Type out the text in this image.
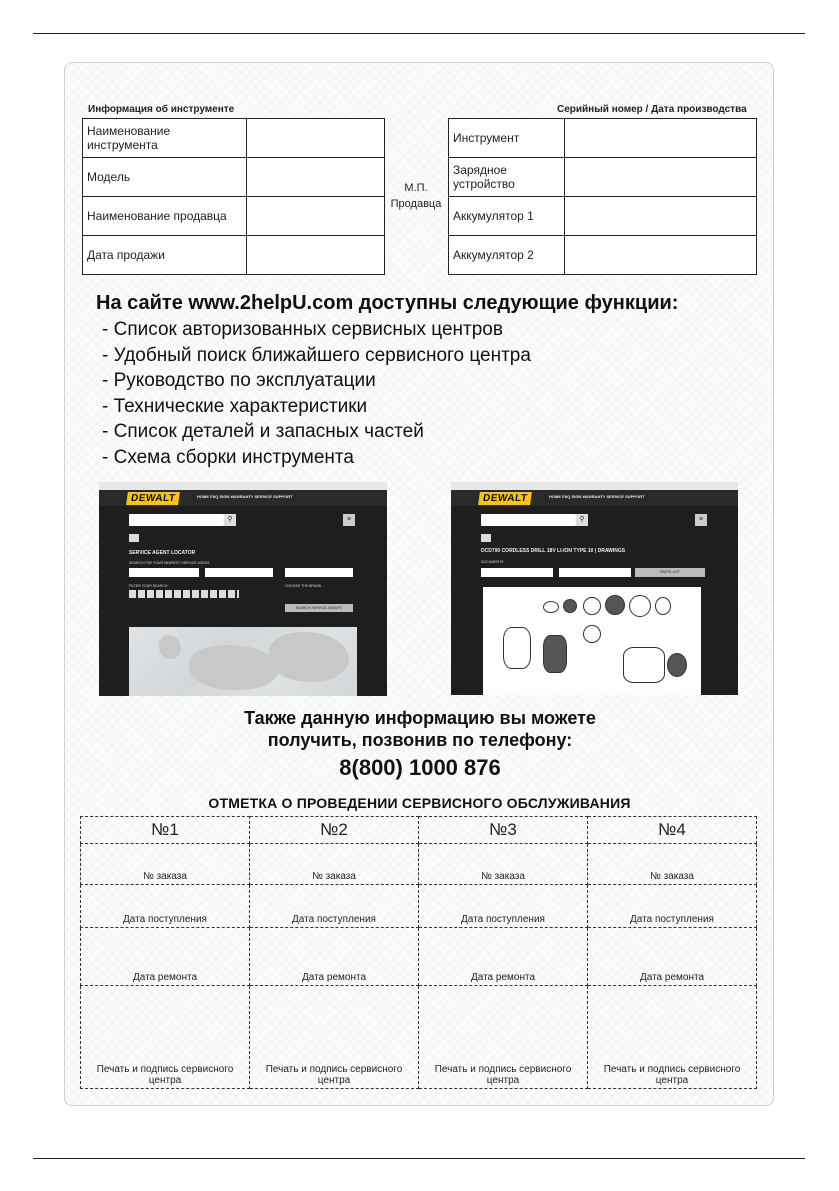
Информация об инструменте	Серийный номер / Дата производства
Наименование инструмента	
Модель	
Наименование продавца	
Дата продажи	
М.П.
Продавца
Инструмент	
Зарядное устройство	
Аккумулятор 1	
Аккумулятор 2	
На сайте www.2helpU.com доступны следующие функции:
- Список авторизованных сервисных центров
- Удобный поиск ближайшего сервисного центра
- Руководство по эксплуатации
- Технические характеристики
- Список деталей и запасных частей
- Схема сборки инструмента
DEWALT	HOME FAQ SIGN WARRANTY SERVICE SUPPORT
⚲	≡
SERVICE AGENT LOCATOR
SEARCH FOR YOUR NEAREST SERVICE AGENT
FILTER YOUR SEARCH	CHOOSE THE BRAND
SEARCH SERVICE AGENTS
DEWALT	HOME FAQ SIGN WARRANTY SERVICE SUPPORT
⚲	≡
DCD790 CORDLESS DRILL 18V LI-ION TYPE 10 | DRAWINGS
DOCUMENTS
PARTS LIST
Также данную информацию вы можете
получить, позвонив по телефону:
8(800) 1000 876
ОТМЕТКА О ПРОВЕДЕНИИ СЕРВИСНОГО ОБСЛУЖИВАНИЯ
№1	№2	№3	№4
№ заказа	№ заказа	№ заказа	№ заказа
Дата поступления	Дата поступления	Дата поступления	Дата поступления
Дата ремонта	Дата ремонта	Дата ремонта	Дата ремонта
Печать и подпись сервисного центра	Печать и подпись сервисного центра	Печать и подпись сервисного центра	Печать и подпись сервисного центра
